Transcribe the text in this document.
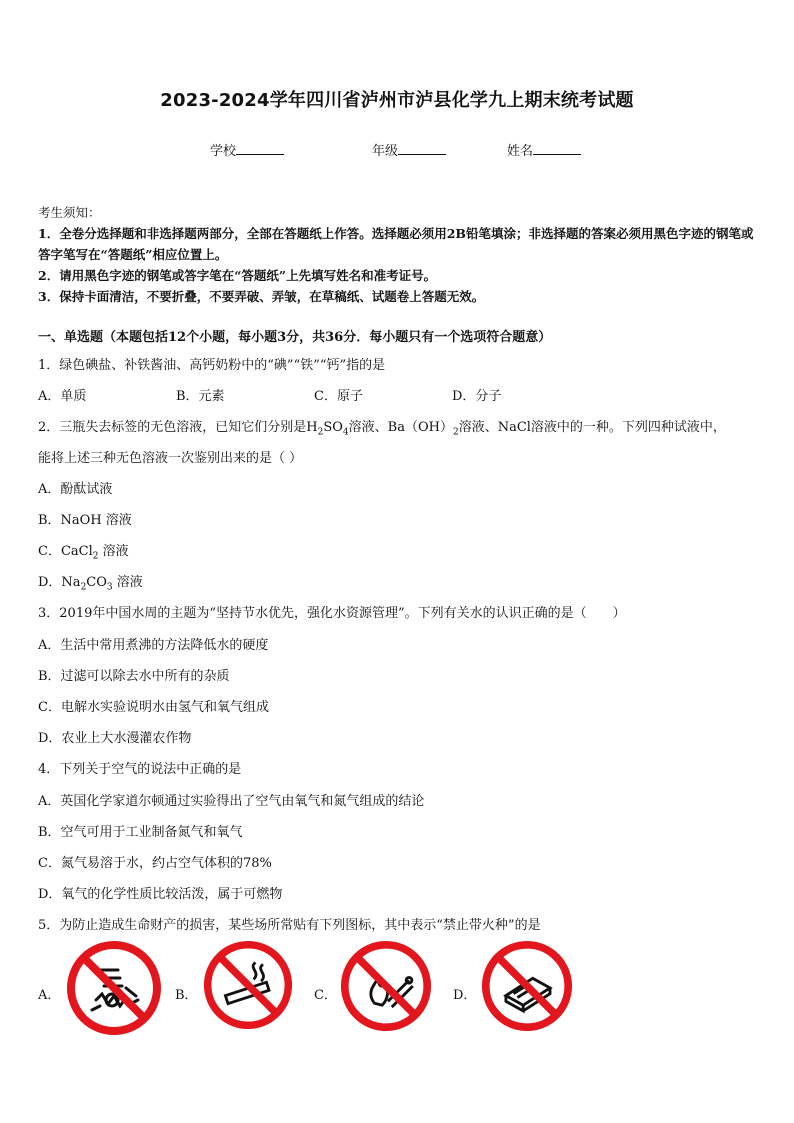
2023-2024学年四川省泸州市泸县化学九上期末统考试题
学校	年级	姓名
考生须知：
1．全卷分选择题和非选择题两部分，全部在答题纸上作答。选择题必须用2B铅笔填涂；非选择题的答案必须用黑色字迹的钢笔或答字笔写在“答题纸”相应位置上。
2．请用黑色字迹的钢笔或答字笔在“答题纸”上先填写姓名和准考证号。
3．保持卡面清洁，不要折叠，不要弄破、弄皱，在草稿纸、试题卷上答题无效。
一、单选题（本题包括12个小题，每小题3分，共36分．每小题只有一个选项符合题意）
1．绿色碘盐、补铁酱油、高钙奶粉中的“碘”“铁”“钙”指的是
A．单质	B．元素	C．原子	D．分子
2．三瓶失去标签的无色溶液，已知它们分别是$H_2SO_4$溶液、$Ba(OH)_2$溶液、NaCl溶液中的一种。下列四种试液中，
能将上述三种无色溶液一次鉴别出来的是（ ）
A．酚酞试液
B．NaOH 溶液
C．CaCl$_2$ 溶液
D．$Na_2CO_3$ 溶液
3．2019年中国水周的主题为“坚持节水优先，强化水资源管理”。下列有关水的认识正确的是（　　）
A．生活中常用煮沸的方法降低水的硬度
B．过滤可以除去水中所有的杂质
C．电解水实验说明水由氢气和氧气组成
D．农业上大水漫灌农作物
4．下列关于空气的说法中正确的是
A．英国化学家道尔顿通过实验得出了空气由氧气和氮气组成的结论
B．空气可用于工业制备氮气和氧气
C．氮气易溶于水，约占空气体积的78%
D．氧气的化学性质比较活泼，属于可燃物
5．为防止造成生命财产的损害，某些场所常贴有下列图标，其中表示“禁止带火种”的是
A．	B．	C．	D．
